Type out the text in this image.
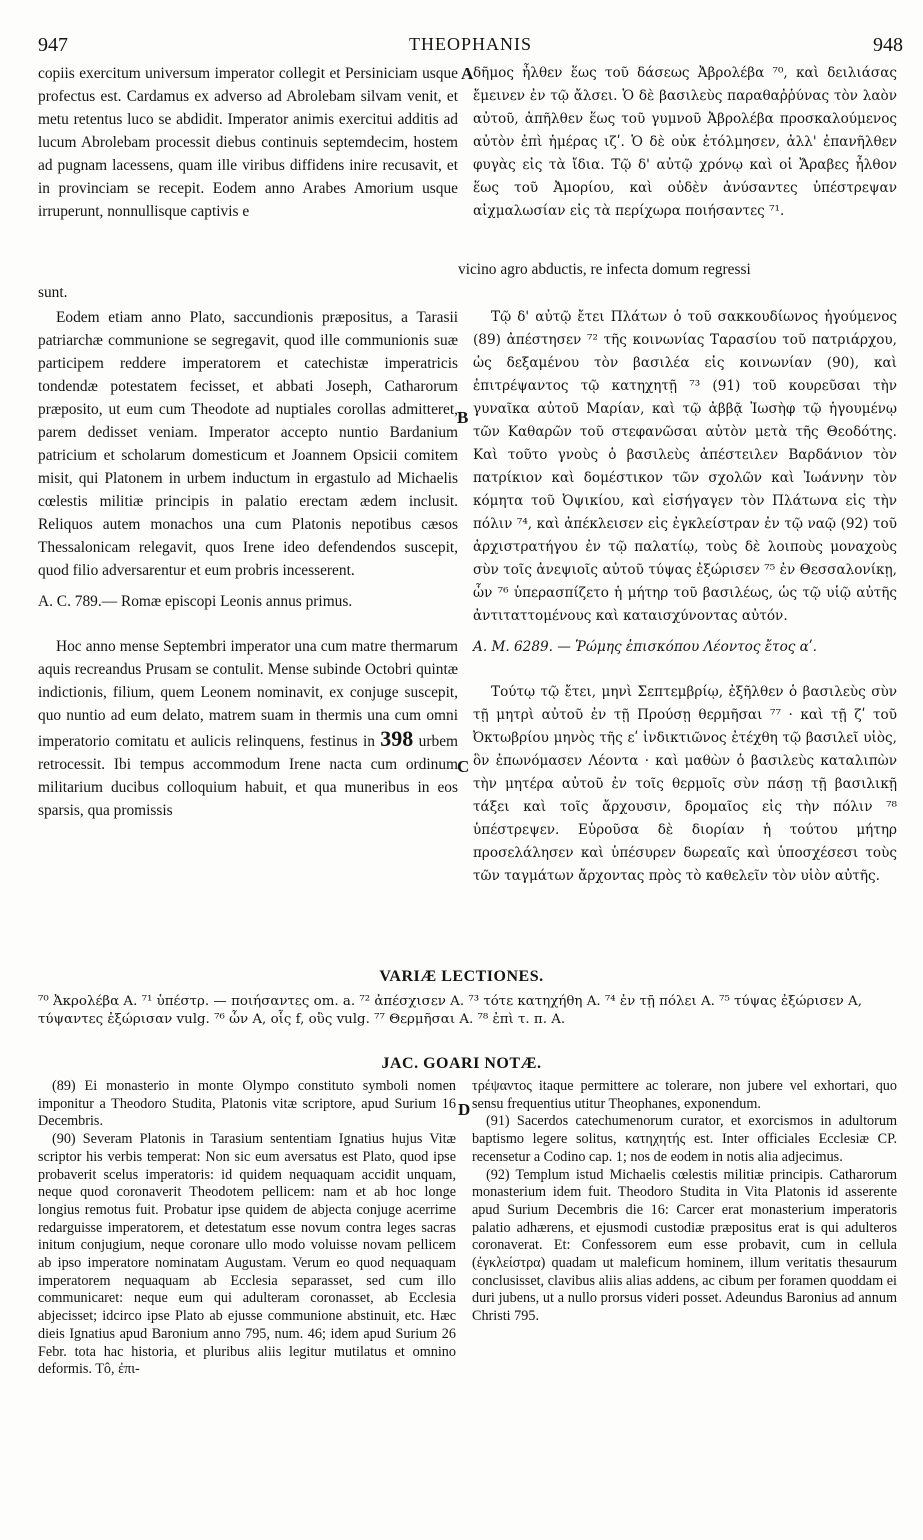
947	THEOPHANIS	948

copiis exercitum universum imperator collegit et Persiniciam usque profectus est. Cardamus ex adverso ad Abrolebam silvam venit, et metu retentus luco se abdidit. Imperator animis exercitui additis ad lucum Abrolebam processit diebus continuis septemdecim, hostem ad pugnam lacessens, quam ille viribus diffidens inire recusavit, et in provinciam se recepit. Eodem anno Arabes Amorium usque irruperunt, nonnullisque captivis e

δῆμος ἦλθεν ἕως τοῦ δάσεως Ἀβρολέβα ⁷⁰, καὶ δειλιάσας ἔμεινεν ἐν τῷ ἄλσει. Ὁ δὲ βασιλεὺς παραθαῤῥύνας τὸν λαὸν αὐτοῦ, ἀπῆλθεν ἕως τοῦ γυμνοῦ Ἀβρολέβα προσκαλούμενος αὐτὸν ἐπὶ ἡμέρας ιζʹ. Ὁ δὲ οὐκ ἐτόλμησεν, ἀλλ' ἐπανῆλθεν φυγὰς εἰς τὰ ἴδια. Τῷ δ' αὐτῷ χρόνῳ καὶ οἱ Ἄραβες ἦλθον ἕως τοῦ Ἀμορίου, καὶ οὐδὲν ἀνύσαντες ὑπέστρεψαν αἰχμαλωσίαν εἰς τὰ περίχωρα ποιήσαντες ⁷¹.

vicino agro abductis, re infecta domum regressi

sunt.

Eodem etiam anno Plato, saccundionis præpositus, a Tarasii patriarchæ communione se segregavit, quod ille communionis suæ participem reddere imperatorem et catechistæ imperatricis tondendæ potestatem fecisset, et abbati Joseph, Catharorum præposito, ut eum cum Theodote ad nuptiales corollas admitteret, parem dedisset veniam. Imperator accepto nuntio Bardanium patricium et scholarum domesticum et Joannem Opsicii comitem misit, qui Platonem in urbem inductum in ergastulo ad Michaelis cœlestis militiæ principis in palatio erectam ædem inclusit. Reliquos autem monachos una cum Platonis nepotibus cæsos Thessalonicam relegavit, quos Irene ideo defendendos suscepit, quod filio adversarentur et eum probris incesserent.

A. C. 789.— Romæ episcopi Leonis annus primus.

Hoc anno mense Septembri imperator una cum matre thermarum aquis recreandus Prusam se contulit. Mense subinde Octobri quintæ indictionis, filium, quem Leonem nominavit, ex conjuge suscepit, quo nuntio ad eum delato, matrem suam in thermis una cum omni imperatorio comitatu et aulicis relinquens, festinus in 398 urbem retrocessit. Ibi tempus accommodum Irene nacta cum ordinum militarium ducibus colloquium habuit, et qua muneribus in eos sparsis, qua promissis

Τῷ δ' αὐτῷ ἔτει Πλάτων ὁ τοῦ σακκουδίωνος ἡγούμενος (89) ἀπέστησεν ⁷² τῆς κοινωνίας Ταρασίου τοῦ πατριάρχου, ὡς δεξαμένου τὸν βασιλέα εἰς κοινωνίαν (90), καὶ ἐπιτρέψαντος τῷ κατηχητῇ ⁷³ (91) τοῦ κουρεῦσαι τὴν γυναῖκα αὐτοῦ Μαρίαν, καὶ τῷ ἀββᾷ Ἰωσὴφ τῷ ἡγουμένῳ τῶν Καθαρῶν τοῦ στεφανῶσαι αὐτὸν μετὰ τῆς Θεοδότης. Καὶ τοῦτο γνοὺς ὁ βασιλεὺς ἀπέστειλεν Βαρδάνιον τὸν πατρίκιον καὶ δομέστικον τῶν σχολῶν καὶ Ἰωάννην τὸν κόμητα τοῦ Ὀψικίου, καὶ εἰσήγαγεν τὸν Πλάτωνα εἰς τὴν πόλιν ⁷⁴, καὶ ἀπέκλεισεν εἰς ἐγκλείστραν ἐν τῷ ναῷ (92) τοῦ ἀρχιστρατήγου ἐν τῷ παλατίῳ, τοὺς δὲ λοιποὺς μοναχοὺς σὺν τοῖς ἀνεψιοῖς αὐτοῦ τύψας ἐξώρισεν ⁷⁵ ἐν Θεσσαλονίκῃ, ὧν ⁷⁶ ὑπερασπίζετο ἡ μήτηρ τοῦ βασιλέως, ὡς τῷ υἱῷ αὐτῆς ἀντιταττομένους καὶ καταισχύνοντας αὐτόν.

A. M. 6289. — Ῥώμης ἐπισκόπου Λέοντος ἔτος αʹ.

Τούτῳ τῷ ἔτει, μηνὶ Σεπτεμβρίῳ, ἐξῆλθεν ὁ βασιλεὺς σὺν τῇ μητρὶ αὐτοῦ ἐν τῇ Προύσῃ θερμῆσαι ⁷⁷ · καὶ τῇ ζʹ τοῦ Ὀκτωβρίου μηνὸς τῆς εʹ ἰνδικτιῶνος ἐτέχθη τῷ βασιλεῖ υἱὸς, ὃν ἐπωνόμασεν Λέοντα · καὶ μαθὼν ὁ βασιλεὺς καταλιπὼν τὴν μητέρα αὐτοῦ ἐν τοῖς θερμοῖς σὺν πάσῃ τῇ βασιλικῇ τάξει καὶ τοῖς ἄρχουσιν, δρομαῖος εἰς τὴν πόλιν ⁷⁸ ὑπέστρεψεν. Εὑροῦσα δὲ διορίαν ἡ τούτου μήτηρ προσελάλησεν καὶ ὑπέσυρεν δωρεαῖς καὶ ὑποσχέσεσι τοὺς τῶν ταγμάτων ἄρχοντας πρὸς τὸ καθελεῖν τὸν υἱὸν αὐτῆς.

A
B
C
D
VARIÆ LECTIONES.
⁷⁰ Ἀκρολέβα A. ⁷¹ ὑπέστρ. — ποιήσαντες om. a. ⁷² ἀπέσχισεν A. ⁷³ τότε κατηχήθη A. ⁷⁴ ἐν τῇ πόλει A. ⁷⁵ τύψας ἐξώρισεν A, τύψαντες ἐξώρισαν vulg. ⁷⁶ ὧν A, οἷς f, οὓς vulg. ⁷⁷ Θερμῆσαι A. ⁷⁸ ἐπὶ τ. π. A.
JAC. GOARI NOTÆ.

(89) Ei monasterio in monte Olympo constituto symboli nomen imponitur a Theodoro Studita, Platonis vitæ scriptore, apud Surium 16 Decembris.

(90) Severam Platonis in Tarasium sententiam Ignatius hujus Vitæ scriptor his verbis temperat: Non sic eum aversatus est Plato, quod ipse probaverit scelus imperatoris: id quidem nequaquam accidit unquam, neque quod coronaverit Theodotem pellicem: nam et ab hoc longe longius remotus fuit. Probatur ipse quidem de abjecta conjuge acerrime redarguisse imperatorem, et detestatum esse novum contra leges sacras initum conjugium, neque coronare ullo modo voluisse novam pellicem ab ipso imperatore nominatam Augustam. Verum eo quod nequaquam imperatorem nequaquam ab Ecclesia separasset, sed cum illo communicaret: neque eum qui adulteram coronasset, ab Ecclesia abjecisset; idcirco ipse Plato ab ejusse communione abstinuit, etc. Hæc dieis Ignatius apud Baronium anno 795, num. 46; idem apud Surium 26 Febr. tota hac historia, et pluribus aliis legitur mutilatus et omnino deformis. Tô, ἐπι-

τρέψαντος itaque permittere ac tolerare, non jubere vel exhortari, quo sensu frequentius utitur Theophanes, exponendum.

(91) Sacerdos catechumenorum curator, et exorcismos in adultorum baptismo legere solitus, κατηχητής est. Inter officiales Ecclesiæ CP. recensetur a Codino cap. 1; nos de eodem in notis alia adjecimus.

(92) Templum istud Michaelis cœlestis militiæ principis. Catharorum monasterium idem fuit. Theodoro Studita in Vita Platonis id asserente apud Surium Decembris die 16: Carcer erat monasterium imperatoris palatio adhærens, et ejusmodi custodiæ præpositus erat is qui adulteros coronaverat. Et: Confessorem eum esse probavit, cum in cellula (ἐγκλείστρα) quadam ut maleficum hominem, illum veritatis thesaurum conclusisset, clavibus aliis alias addens, ac cibum per foramen quoddam ei duri jubens, ut a nullo prorsus videri posset. Adeundus Baronius ad annum Christi 795.
